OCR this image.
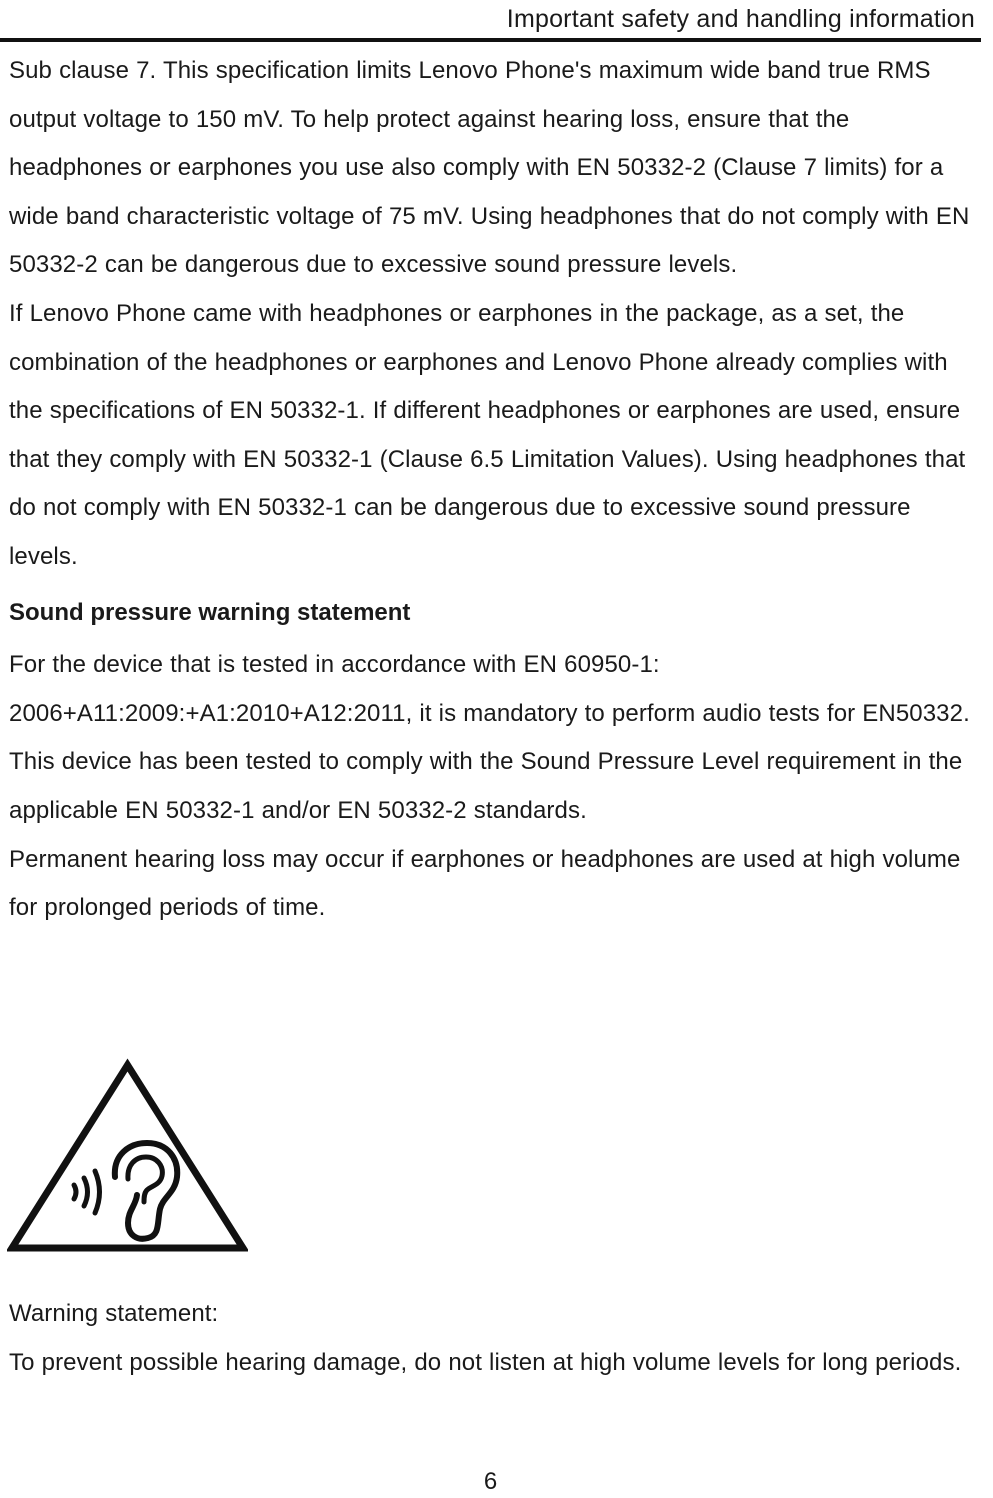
Important safety and handling information

Sub clause 7. This specification limits Lenovo Phone's maximum wide band true RMS output voltage to 150 mV. To help protect against hearing loss, ensure that the headphones or earphones you use also comply with EN 50332-2 (Clause 7 limits) for a wide band characteristic voltage of 75 mV. Using headphones that do not comply with EN 50332-2 can be dangerous due to excessive sound pressure levels.

If Lenovo Phone came with headphones or earphones in the package, as a set, the combination of the headphones or earphones and Lenovo Phone already complies with the specifications of EN 50332-1. If different headphones or earphones are used, ensure that they comply with EN 50332-1 (Clause 6.5 Limitation Values). Using headphones that do not comply with EN 50332-1 can be dangerous due to excessive sound pressure levels.

Sound pressure warning statement

For the device that is tested in accordance with EN 60950-1: 2006+A11:2009:+A1:2010+A12:2011, it is mandatory to perform audio tests for EN50332.

This device has been tested to comply with the Sound Pressure Level requirement in the applicable EN 50332-1 and/or EN 50332-2 standards.

Permanent hearing loss may occur if earphones or headphones are used at high volume for prolonged periods of time.

Warning statement:

To prevent possible hearing damage, do not listen at high volume levels for long periods.

6
